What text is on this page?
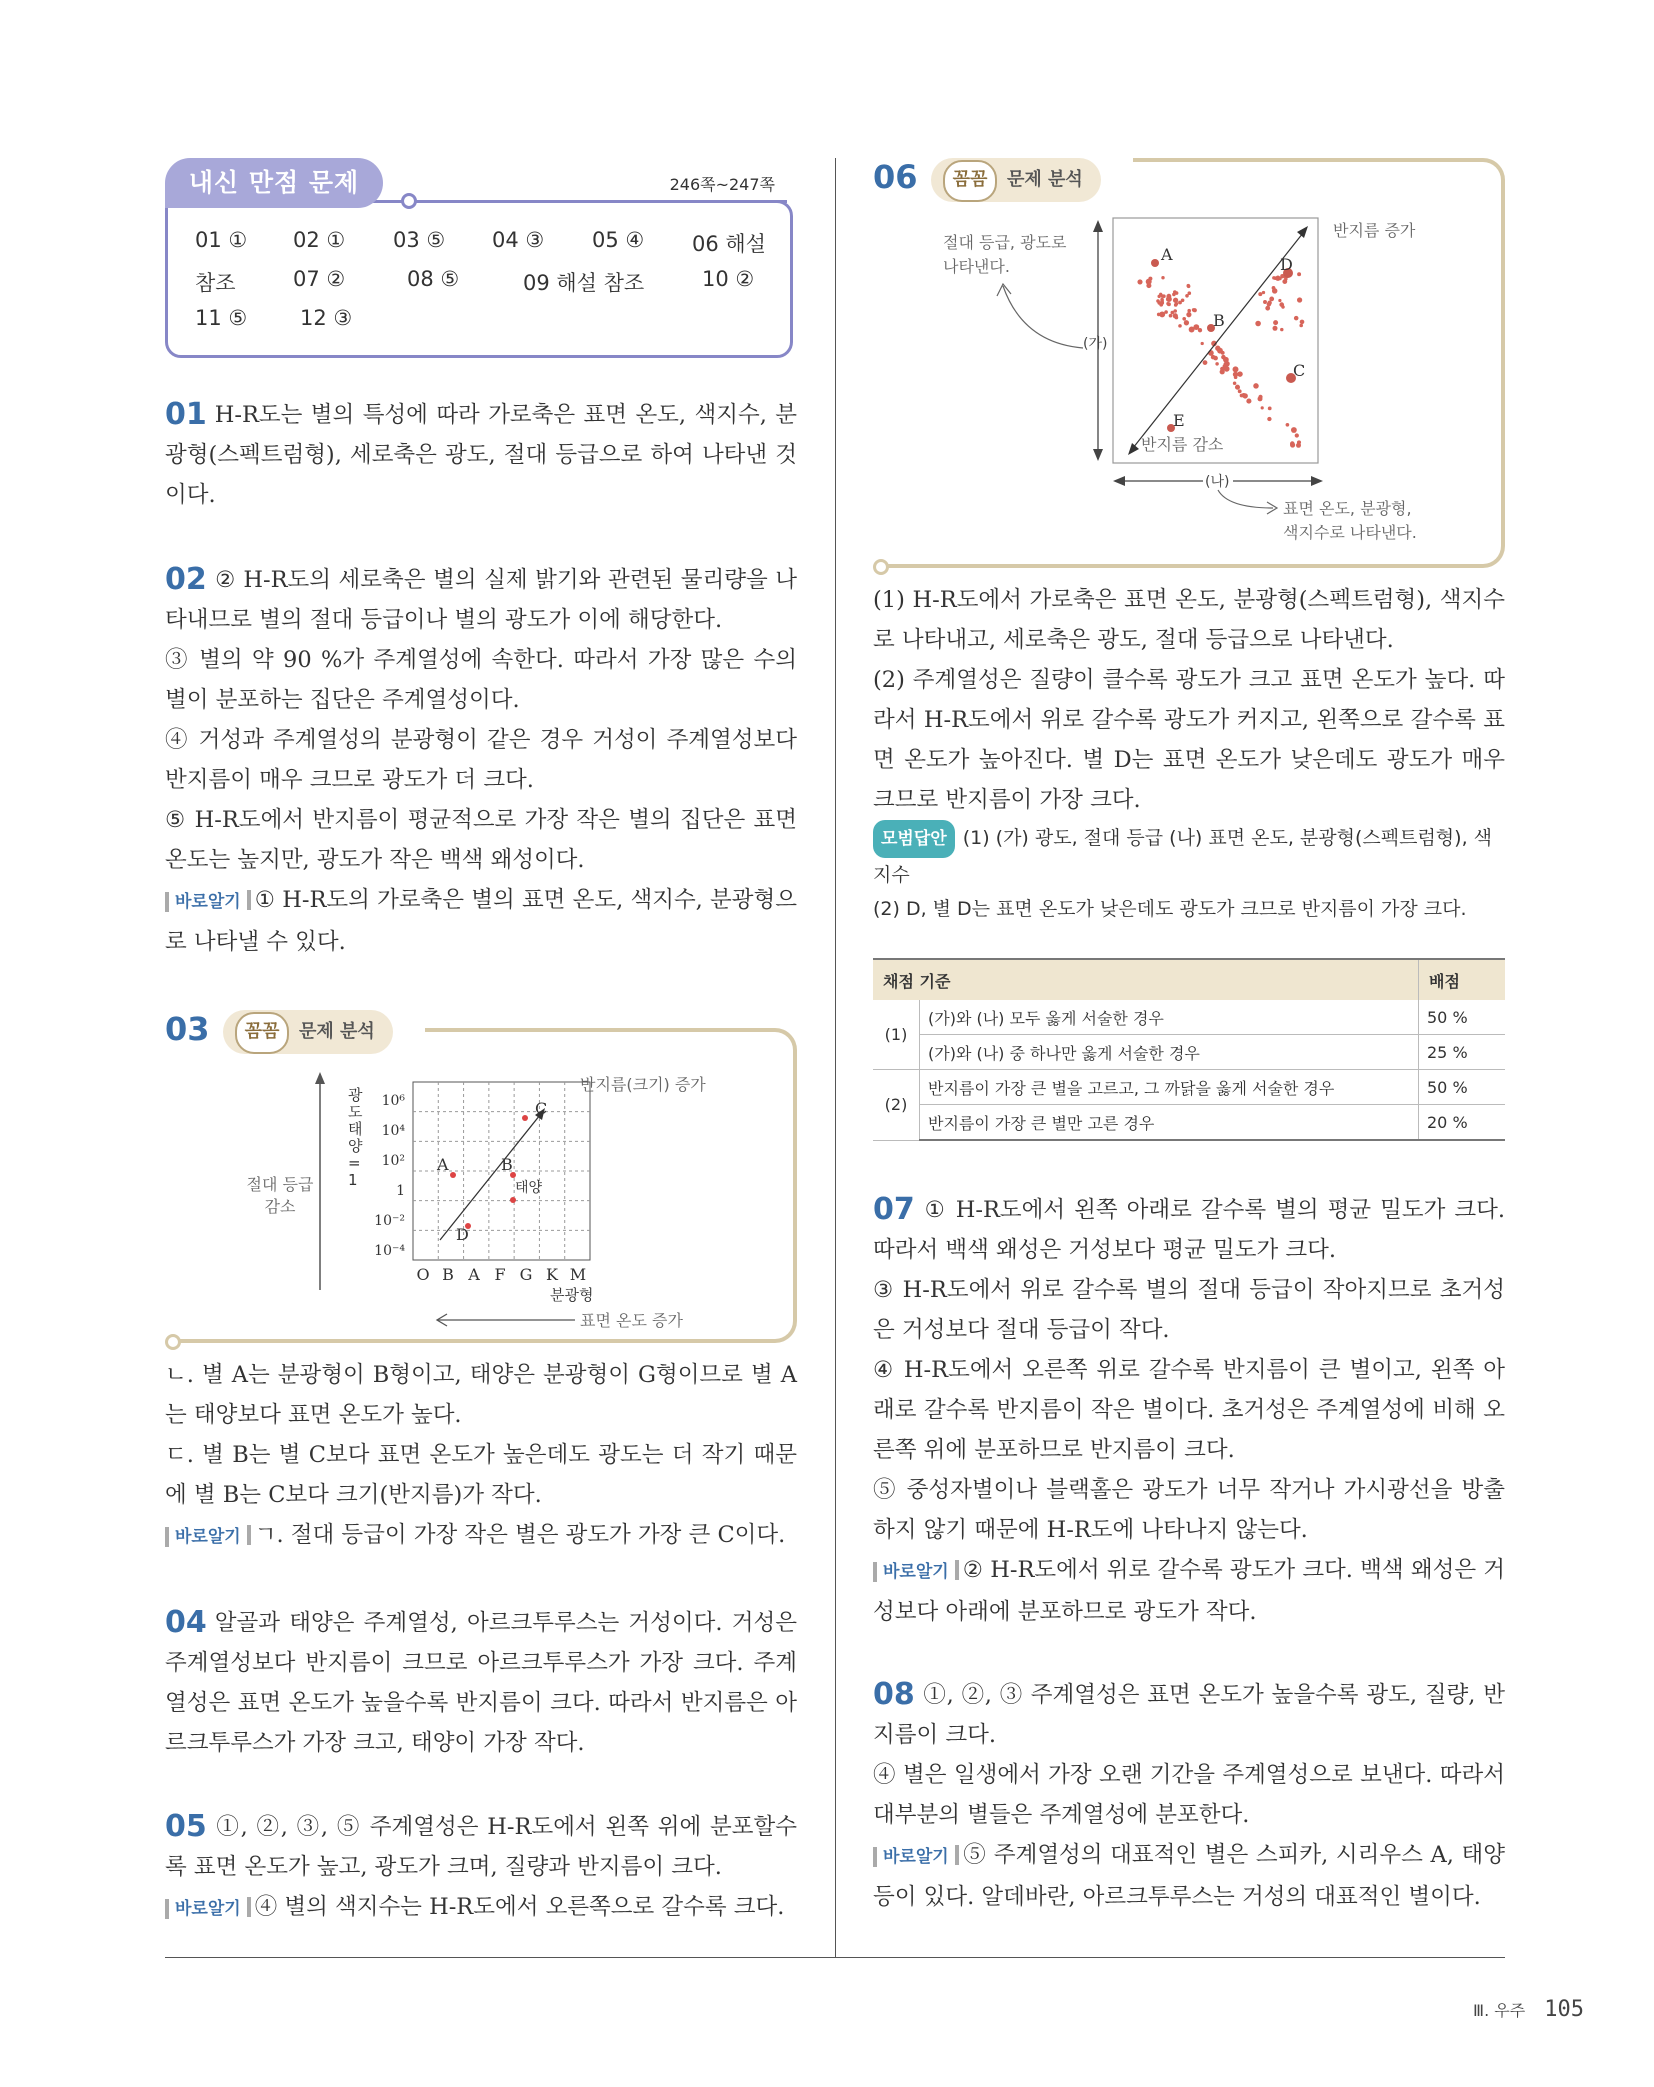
내신 만점 문제	246쪽~247쪽
01 ① 02 ① 03 ⑤ 04 ③ 05 ④ 06 해설
참조	07 ②	08 ⑤	09 해설 참조	10 ②
11 ⑤	12 ③

01 H-R도는 별의 특성에 따라 가로축은 표면 온도, 색지수, 분광형(스펙트럼형), 세로축은 광도, 절대 등급으로 하여 나타낸 것이다.

02 ② H-R도의 세로축은 별의 실제 밝기와 관련된 물리량을 나타내므로 별의 절대 등급이나 별의 광도가 이에 해당한다.

③ 별의 약 90 %가 주계열성에 속한다. 따라서 가장 많은 수의 별이 분포하는 집단은 주계열성이다.

④ 거성과 주계열성의 분광형이 같은 경우 거성이 주계열성보다 반지름이 매우 크므로 광도가 더 크다.

⑤ H-R도에서 반지름이 평균적으로 가장 작은 별의 집단은 표면 온도는 높지만, 광도가 작은 백색 왜성이다.

바로알기 ① H-R도의 가로축은 별의 표면 온도, 색지수, 분광형으로 나타낼 수 있다.

03	꼼꼼 문제 분석
절대 등급
감소
광 도 태 양 = 1
10⁶
10⁴
10²
1
10⁻²
10⁻⁴
O B A F G K M
분광형
C
A	B
태양
D
반지름(크기) 증가
표면 온도 증가

ㄴ. 별 A는 분광형이 B형이고, 태양은 분광형이 G형이므로 별 A는 태양보다 표면 온도가 높다.

ㄷ. 별 B는 별 C보다 표면 온도가 높은데도 광도는 더 작기 때문에 별 B는 C보다 크기(반지름)가 작다.

바로알기 ㄱ. 절대 등급이 가장 작은 별은 광도가 가장 큰 C이다.

04 알골과 태양은 주계열성, 아르크투루스는 거성이다. 거성은 주계열성보다 반지름이 크므로 아르크투루스가 가장 크다. 주계열성은 표면 온도가 높을수록 반지름이 크다. 따라서 반지름은 아르크투루스가 가장 크고, 태양이 가장 작다.

05 ①, ②, ③, ⑤ 주계열성은 H-R도에서 왼쪽 위에 분포할수록 표면 온도가 높고, 광도가 크며, 질량과 반지름이 크다.

바로알기 ④ 별의 색지수는 H-R도에서 오른쪽으로 갈수록 크다.

06	꼼꼼 문제 분석
절대 등급, 광도로
나타낸다.
(가)
A
B
D
C
E
반지름 감소
반지름 증가
(나)
표면 온도, 분광형,
색지수로 나타낸다.

(1) H-R도에서 가로축은 표면 온도, 분광형(스펙트럼형), 색지수로 나타내고, 세로축은 광도, 절대 등급으로 나타낸다.

(2) 주계열성은 질량이 클수록 광도가 크고 표면 온도가 높다. 따라서 H-R도에서 위로 갈수록 광도가 커지고, 왼쪽으로 갈수록 표면 온도가 높아진다. 별 D는 표면 온도가 낮은데도 광도가 매우 크므로 반지름이 가장 크다.

모범답안 (1) (가) 광도, 절대 등급 (나) 표면 온도, 분광형(스펙트럼형), 색지수
(2) D, 별 D는 표면 온도가 낮은데도 광도가 크므로 반지름이 가장 크다.
채점 기준		배점
(1)	(가)와 (나) 모두 옳게 서술한 경우	50 %
	(가)와 (나) 중 하나만 옳게 서술한 경우	25 %
(2)	반지름이 가장 큰 별을 고르고, 그 까닭을 옳게 서술한 경우	50 %
	반지름이 가장 큰 별만 고른 경우	20 %

07 ① H-R도에서 왼쪽 아래로 갈수록 별의 평균 밀도가 크다. 따라서 백색 왜성은 거성보다 평균 밀도가 크다.

③ H-R도에서 위로 갈수록 별의 절대 등급이 작아지므로 초거성은 거성보다 절대 등급이 작다.

④ H-R도에서 오른쪽 위로 갈수록 반지름이 큰 별이고, 왼쪽 아래로 갈수록 반지름이 작은 별이다. 초거성은 주계열성에 비해 오른쪽 위에 분포하므로 반지름이 크다.

⑤ 중성자별이나 블랙홀은 광도가 너무 작거나 가시광선을 방출하지 않기 때문에 H-R도에 나타나지 않는다.

바로알기 ② H-R도에서 위로 갈수록 광도가 크다. 백색 왜성은 거성보다 아래에 분포하므로 광도가 작다.

08 ①, ②, ③ 주계열성은 표면 온도가 높을수록 광도, 질량, 반지름이 크다.

④ 별은 일생에서 가장 오랜 기간을 주계열성으로 보낸다. 따라서 대부분의 별들은 주계열성에 분포한다.

바로알기 ⑤ 주계열성의 대표적인 별은 스피카, 시리우스 A, 태양 등이 있다. 알데바란, 아르크투루스는 거성의 대표적인 별이다.

Ⅲ. 우주 105
